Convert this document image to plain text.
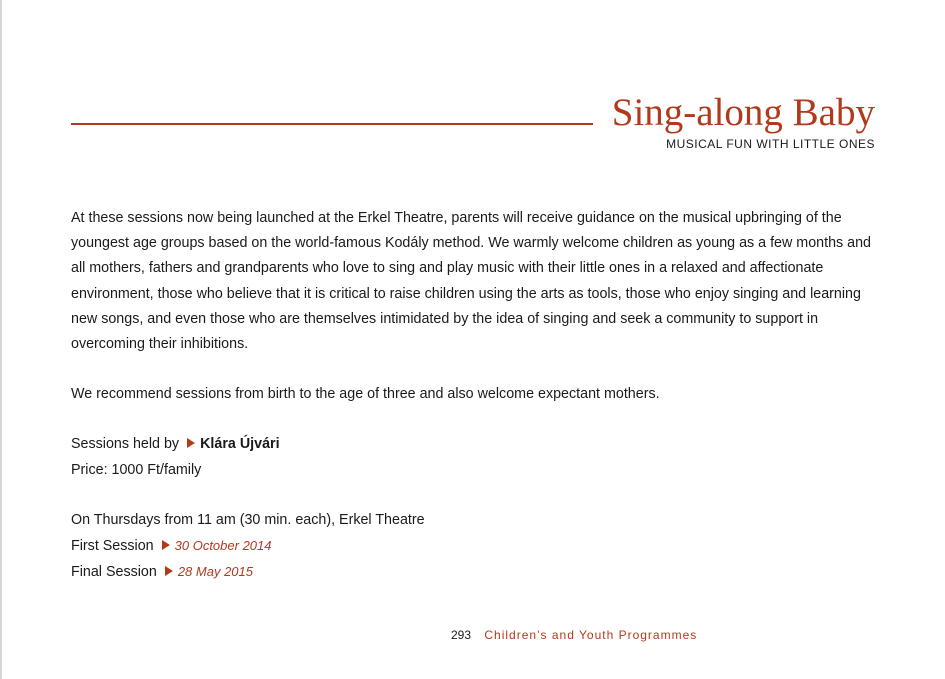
Sing-along Baby
MUSICAL FUN WITH LITTLE ONES

At these sessions now being launched at the Erkel Theatre, parents will receive guidance on the musical upbringing of the youngest age groups based on the world-famous Kodály method. We warmly welcome children as young as a few months and all mothers, fathers and grandparents who love to sing and play music with their little ones in a relaxed and affectionate environment, those who believe that it is critical to raise children using the arts as tools, those who enjoy singing and learning new songs, and even those who are themselves intimidated by the idea of singing and seek a community to support in overcoming their inhibitions.

We recommend sessions from birth to the age of three and also welcome expectant mothers.

Sessions held by Klára Újvári

Price: 1000 Ft/family

On Thursdays from 11 am (30 min. each), Erkel Theatre

First Session 30 October 2014

Final Session 28 May 2015

293 Children’s and Youth Programmes
